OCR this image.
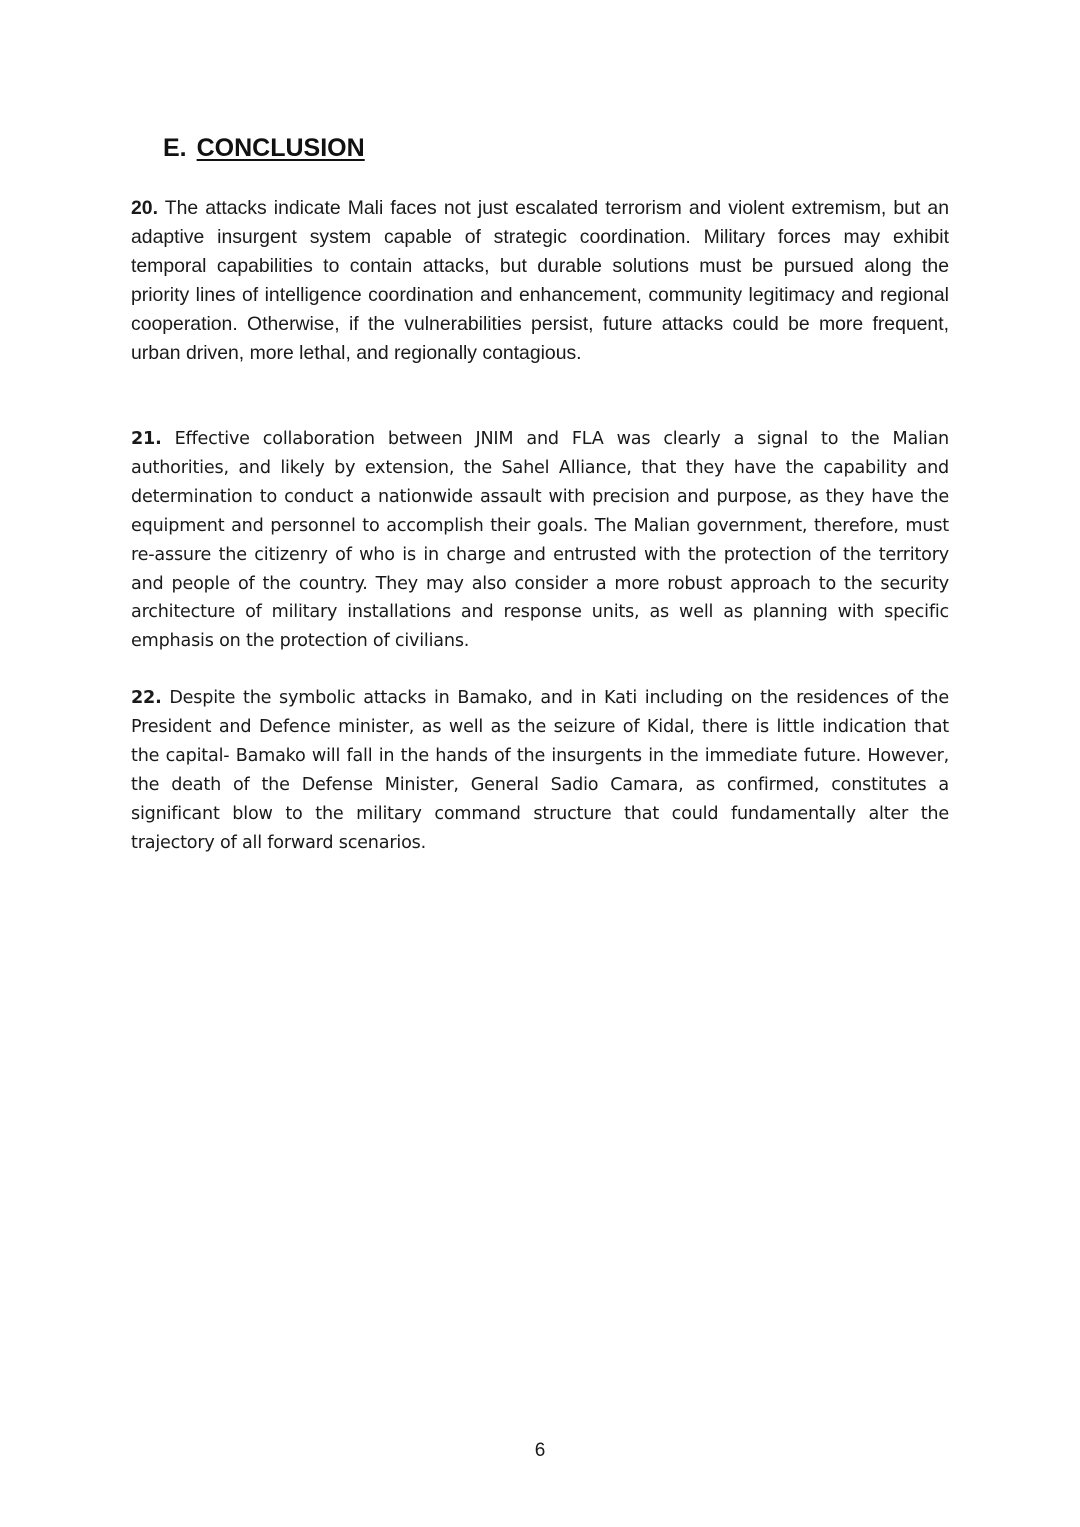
E. CONCLUSION

20. The attacks indicate Mali faces not just escalated terrorism and violent extremism, but an adaptive insurgent system capable of strategic coordination. Military forces may exhibit temporal capabilities to contain attacks, but durable solutions must be pursued along the priority lines of intelligence coordination and enhancement, community legitimacy and regional cooperation. Otherwise, if the vulnerabilities persist, future attacks could be more frequent, urban driven, more lethal, and regionally contagious.

21. Effective collaboration between JNIM and FLA was clearly a signal to the Malian authorities, and likely by extension, the Sahel Alliance, that they have the capability and determination to conduct a nationwide assault with precision and purpose, as they have the equipment and personnel to accomplish their goals. The Malian government, therefore, must re-assure the citizenry of who is in charge and entrusted with the protection of the territory and people of the country. They may also consider a more robust approach to the security architecture of military installations and response units, as well as planning with specific emphasis on the protection of civilians.

22. Despite the symbolic attacks in Bamako, and in Kati including on the residences of the President and Defence minister, as well as the seizure of Kidal, there is little indication that the capital- Bamako will fall in the hands of the insurgents in the immediate future. However, the death of the Defense Minister, General Sadio Camara, as confirmed, constitutes a significant blow to the military command structure that could fundamentally alter the trajectory of all forward scenarios.

6
